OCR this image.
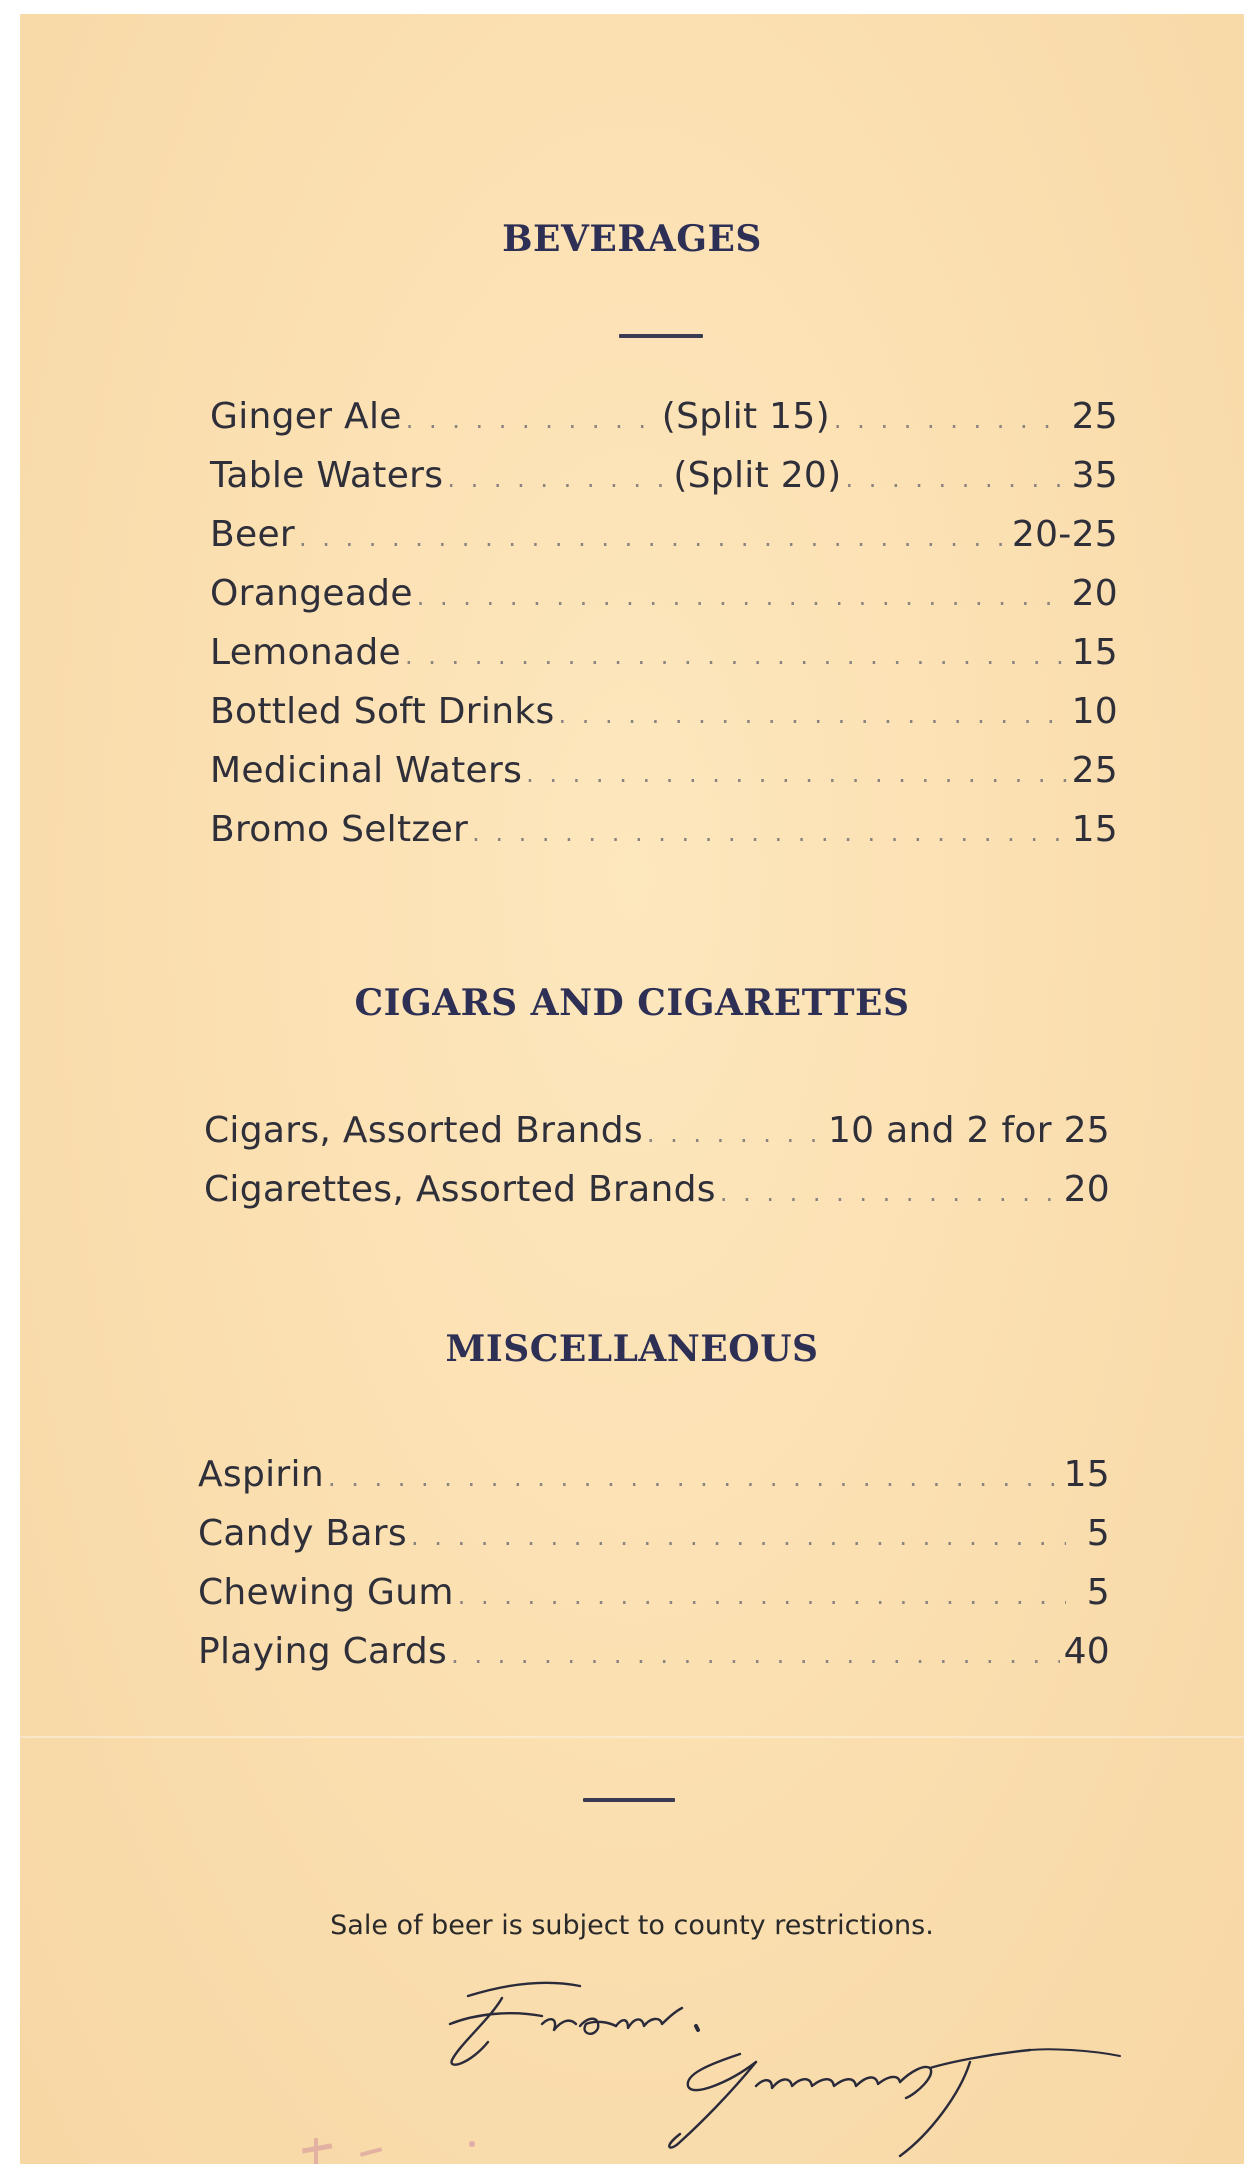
BEVERAGES
Ginger Ale . . .	(Split 15) . . .	25
Table Waters . . .	(Split 20) . . .	35
Beer . . .	20-25
Orangeade . . .	20
Lemonade . . .	15
Bottled Soft Drinks . . .	10
Medicinal Waters . . .	25
Bromo Seltzer . . .	15
CIGARS AND CIGARETTES
Cigars, Assorted Brands . . .	10 and 2 for 25
Cigarettes, Assorted Brands . . .	20
MISCELLANEOUS
Aspirin . . .	15
Candy Bars . . .	5
Chewing Gum . . .	5
Playing Cards . . .	40
Sale of beer is subject to county restrictions.
